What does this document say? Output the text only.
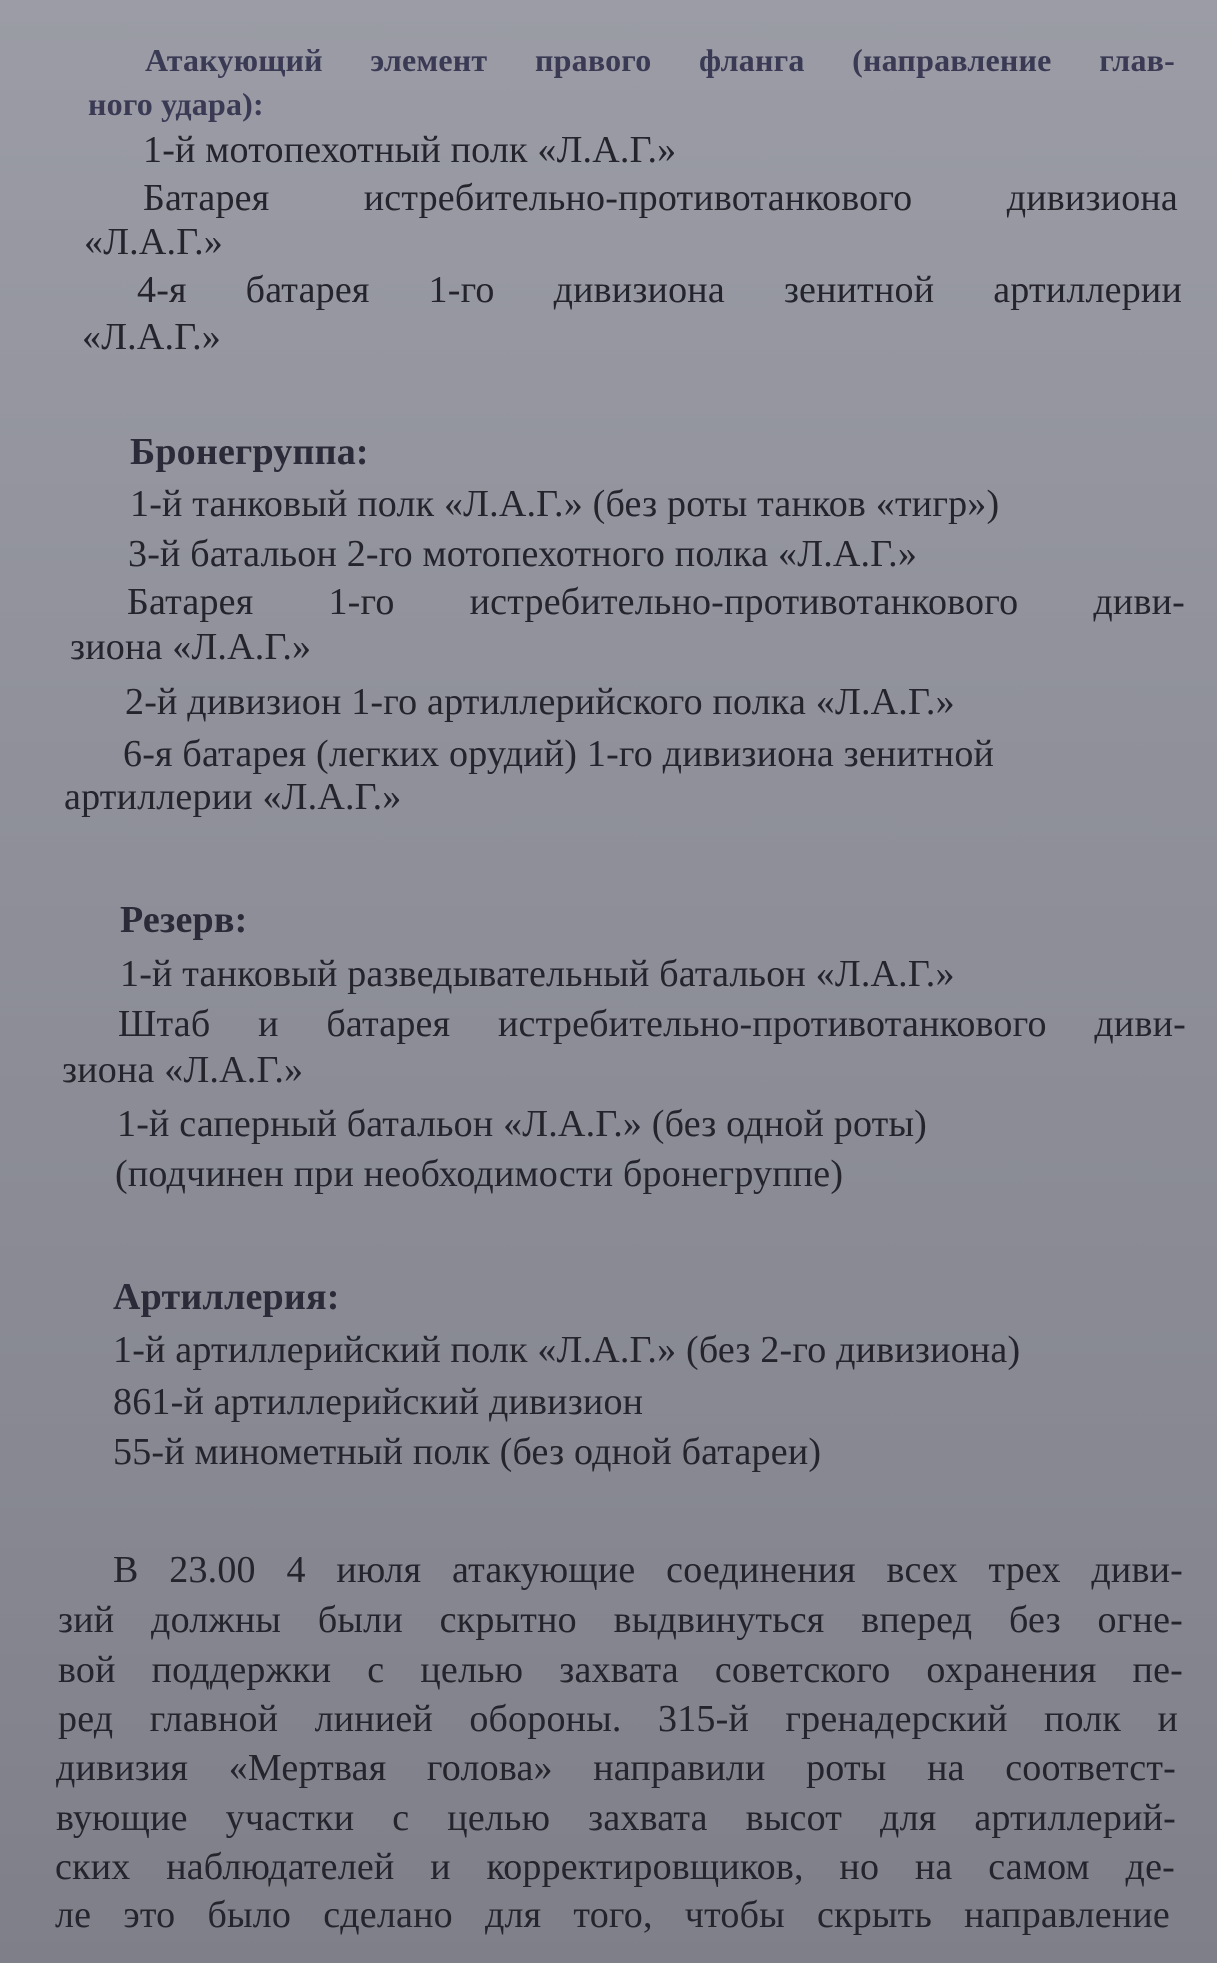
Атакующий элемент правого фланга (направление глав-
ного удара):
1-й мотопехотный полк «Л.А.Г.»
Батарея истребительно-противотанкового дивизиона
«Л.А.Г.»
4-я батарея 1-го дивизиона зенитной артиллерии
«Л.А.Г.»
Бронегруппа:
1-й танковый полк «Л.А.Г.» (без роты танков «тигр»)
3-й батальон 2-го мотопехотного полка «Л.А.Г.»
Батарея 1-го истребительно-противотанкового диви-
зиона «Л.А.Г.»
2-й дивизион 1-го артиллерийского полка «Л.А.Г.»
6-я батарея (легких орудий) 1-го дивизиона зенитной
артиллерии «Л.А.Г.»
Резерв:
1-й танковый разведывательный батальон «Л.А.Г.»
Штаб и батарея истребительно-противотанкового диви-
зиона «Л.А.Г.»
1-й саперный батальон «Л.А.Г.» (без одной роты)
(подчинен при необходимости бронегруппе)
Артиллерия:
1-й артиллерийский полк «Л.А.Г.» (без 2-го дивизиона)
861-й артиллерийский дивизион
55-й минометный полк (без одной батареи)
В 23.00 4 июля атакующие соединения всех трех диви-
зий должны были скрытно выдвинуться вперед без огне-
вой поддержки с целью захвата советского охранения пе-
ред главной линией обороны. 315-й гренадерский полк и
дивизия «Мертвая голова» направили роты на соответст-
вующие участки с целью захвата высот для артиллерий-
ских наблюдателей и корректировщиков, но на самом де-
ле это было сделано для того, чтобы скрыть направление
